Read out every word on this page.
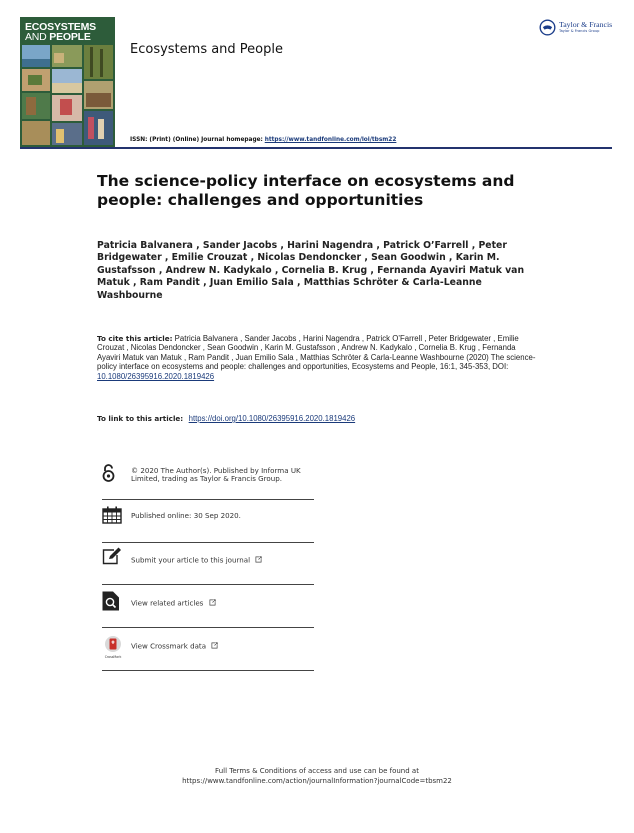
ECOSYSTEMS
AND PEOPLE
Ecosystems and People
ISSN: (Print) (Online) Journal homepage: https://www.tandfonline.com/loi/tbsm22
Taylor & Francis
Taylor & Francis Group
The science-policy interface on ecosystems and people: challenges and opportunities
Patricia Balvanera , Sander Jacobs , Harini Nagendra , Patrick O’Farrell , Peter Bridgewater , Emilie Crouzat , Nicolas Dendoncker , Sean Goodwin , Karin M. Gustafsson , Andrew N. Kadykalo , Cornelia B. Krug , Fernanda Ayaviri Matuk van Matuk , Ram Pandit , Juan Emilio Sala , Matthias Schröter & Carla-Leanne Washbourne
To cite this article: Patricia Balvanera , Sander Jacobs , Harini Nagendra , Patrick O’Farrell , Peter Bridgewater , Emilie Crouzat , Nicolas Dendoncker , Sean Goodwin , Karin M. Gustafsson , Andrew N. Kadykalo , Cornelia B. Krug , Fernanda Ayaviri Matuk van Matuk , Ram Pandit , Juan Emilio Sala , Matthias Schröter & Carla-Leanne Washbourne (2020) The science-policy interface on ecosystems and people: challenges and opportunities, Ecosystems and People, 16:1, 345-353, DOI: 10.1080/26395916.2020.1819426
To link to this article: https://doi.org/10.1080/26395916.2020.1819426
© 2020 The Author(s). Published by Informa UK Limited, trading as Taylor & Francis Group.
Published online: 30 Sep 2020.
Submit your article to this journal
View related articles
CrossMark
View Crossmark data
Full Terms & Conditions of access and use can be found at
https://www.tandfonline.com/action/journalInformation?journalCode=tbsm22
